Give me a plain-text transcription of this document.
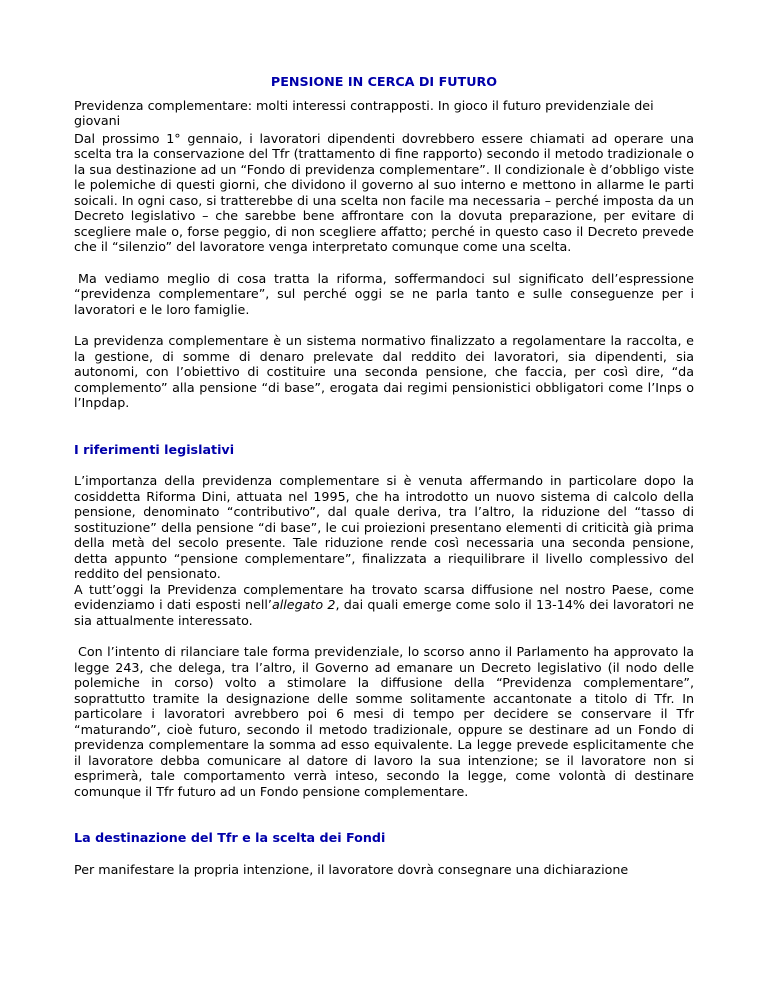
PENSIONE IN CERCA DI FUTURO

Previdenza complementare: molti interessi contrapposti. In gioco il futuro previdenziale dei giovani

Dal prossimo 1° gennaio, i lavoratori dipendenti dovrebbero essere chiamati ad operare una scelta tra la conservazione del Tfr (trattamento di fine rapporto) secondo il metodo tradizionale o la sua destinazione ad un “Fondo di previdenza complementare”. Il condizionale è d’obbligo viste le polemiche di questi giorni, che dividono il governo al suo interno e mettono in allarme le parti soicali. In ogni caso, si tratterebbe di una scelta non facile ma necessaria – perché imposta da un Decreto legislativo – che sarebbe bene affrontare con la dovuta preparazione, per evitare di scegliere male o, forse peggio, di non scegliere affatto; perché in questo caso il Decreto prevede che il “silenzio” del lavoratore venga interpretato comunque come una scelta.

Ma vediamo meglio di cosa tratta la riforma, soffermandoci sul significato dell’espressione “previdenza complementare”, sul perché oggi se ne parla tanto e sulle conseguenze per i lavoratori e le loro famiglie.

La previdenza complementare è un sistema normativo finalizzato a regolamentare la raccolta, e la gestione, di somme di denaro prelevate dal reddito dei lavoratori, sia dipendenti, sia autonomi, con l’obiettivo di costituire una seconda pensione, che faccia, per così dire, “da complemento” alla pensione “di base”, erogata dai regimi pensionistici obbligatori come l’Inps o l’Inpdap.

I riferimenti legislativi

L’importanza della previdenza complementare si è venuta affermando in particolare dopo la cosiddetta Riforma Dini, attuata nel 1995, che ha introdotto un nuovo sistema di calcolo della pensione, denominato “contributivo”, dal quale deriva, tra l’altro, la riduzione del “tasso di sostituzione” della pensione “di base”, le cui proiezioni presentano elementi di criticità già prima della metà del secolo presente. Tale riduzione rende così necessaria una seconda pensione, detta appunto “pensione complementare”, finalizzata a riequilibrare il livello complessivo del reddito del pensionato.

A tutt’oggi la Previdenza complementare ha trovato scarsa diffusione nel nostro Paese, come evidenziamo i dati esposti nell’allegato 2, dai quali emerge come solo il 13-14% dei lavoratori ne sia attualmente interessato.

Con l’intento di rilanciare tale forma previdenziale, lo scorso anno il Parlamento ha approvato la legge 243, che delega, tra l’altro, il Governo ad emanare un Decreto legislativo (il nodo delle polemiche in corso) volto a stimolare la diffusione della “Previdenza complementare”, soprattutto tramite la designazione delle somme solitamente accantonate a titolo di Tfr. In particolare i lavoratori avrebbero poi 6 mesi di tempo per decidere se conservare il Tfr “maturando”, cioè futuro, secondo il metodo tradizionale, oppure se destinare ad un Fondo di previdenza complementare la somma ad esso equivalente. La legge prevede esplicitamente che il lavoratore debba comunicare al datore di lavoro la sua intenzione; se il lavoratore non si esprimerà, tale comportamento verrà inteso, secondo la legge, come volontà di destinare comunque il Tfr futuro ad un Fondo pensione complementare.

La destinazione del Tfr e la scelta dei Fondi

Per manifestare la propria intenzione, il lavoratore dovrà consegnare una dichiarazione
